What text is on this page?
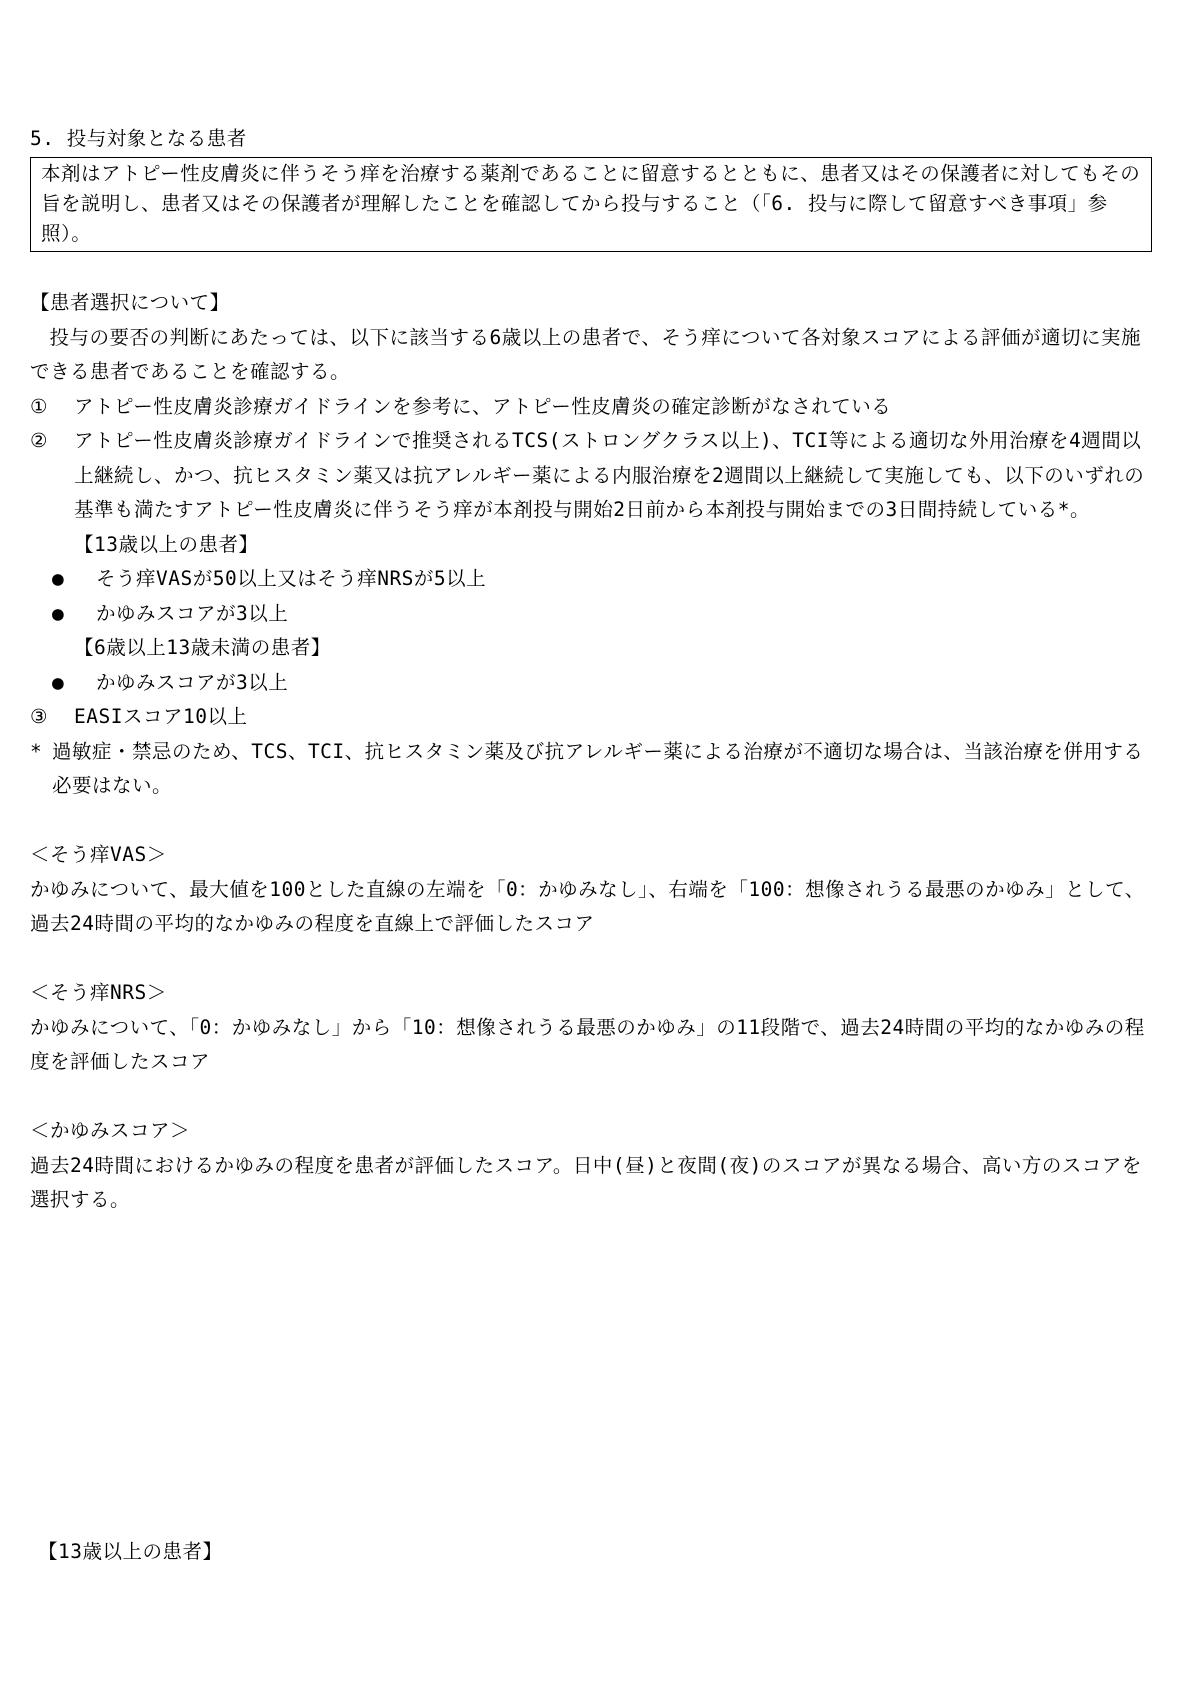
5. 投与対象となる患者

本剤はアトピー性皮膚炎に伴うそう痒を治療する薬剤であることに留意するとともに、患者又はその保護者に対してもその旨を説明し、患者又はその保護者が理解したことを確認してから投与すること（「6. 投与に際して留意すべき事項」参照）。

【患者選択について】

投与の要否の判断にあたっては、以下に該当する6歳以上の患者で、そう痒について各対象スコアによる評価が適切に実施できる患者であることを確認する。

①	アトピー性皮膚炎診療ガイドラインを参考に、アトピー性皮膚炎の確定診断がなされている
②	アトピー性皮膚炎診療ガイドラインで推奨されるTCS(ストロングクラス以上)、TCI等による適切な外用治療を4週間以上継続し、かつ、抗ヒスタミン薬又は抗アレルギー薬による内服治療を2週間以上継続して実施しても、以下のいずれの基準も満たすアトピー性皮膚炎に伴うそう痒が本剤投与開始2日前から本剤投与開始までの3日間持続している*。

【13歳以上の患者】

●	そう痒VASが50以上又はそう痒NRSが5以上
●	かゆみスコアが3以上

【6歳以上13歳未満の患者】

●	かゆみスコアが3以上
③	EASIスコア10以上
* 過敏症・禁忌のため、TCS、TCI、抗ヒスタミン薬及び抗アレルギー薬による治療が不適切な場合は、当該治療を併用する必要はない。

＜そう痒VAS＞

かゆみについて、最大値を100とした直線の左端を「0：かゆみなし」、右端を「100：想像されうる最悪のかゆみ」として、過去24時間の平均的なかゆみの程度を直線上で評価したスコア

＜そう痒NRS＞

かゆみについて、「0：かゆみなし」から「10：想像されうる最悪のかゆみ」の11段階で、過去24時間の平均的なかゆみの程度を評価したスコア

＜かゆみスコア＞

過去24時間におけるかゆみの程度を患者が評価したスコア。日中(昼)と夜間(夜)のスコアが異なる場合、高い方のスコアを選択する。

【13歳以上の患者】
